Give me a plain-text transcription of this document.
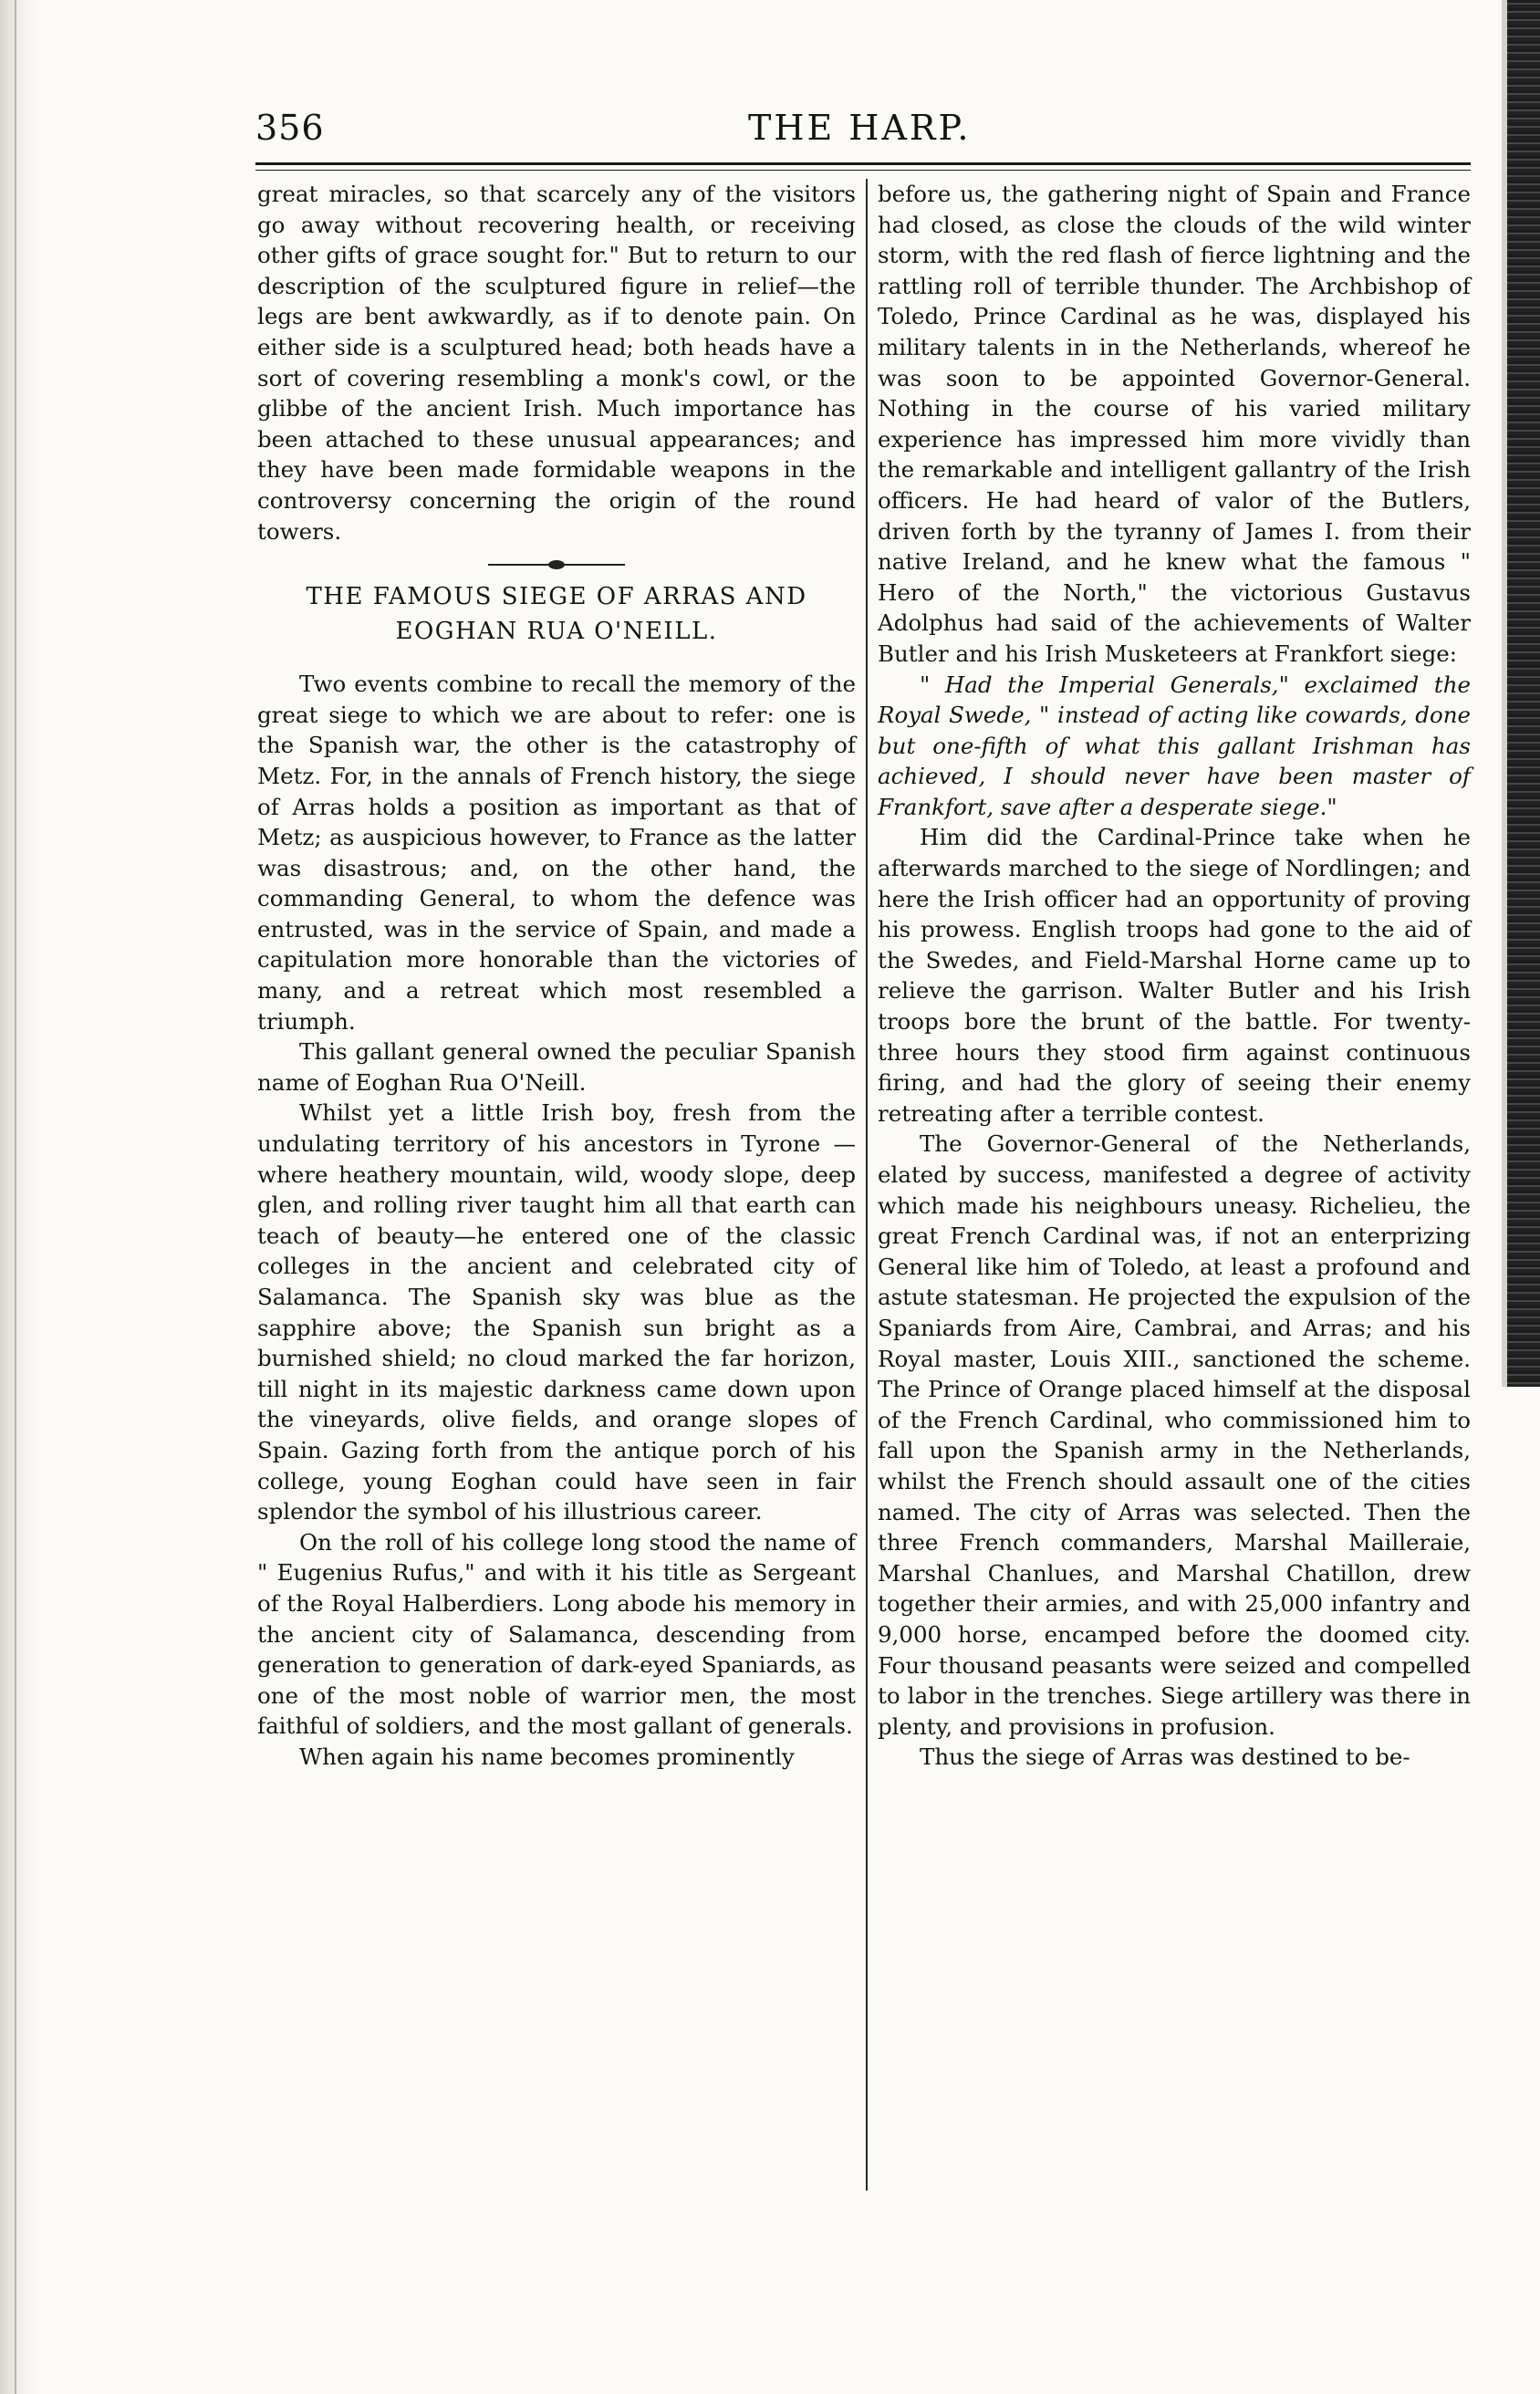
356	THE HARP.

great miracles, so that scarcely any of the visitors go away without recovering health, or receiving other gifts of grace sought for." But to return to our description of the sculptured figure in relief—the legs are bent awkwardly, as if to denote pain. On either side is a sculptured head; both heads have a sort of covering resembling a monk's cowl, or the glibbe of the ancient Irish. Much importance has been attached to these unusual appearances; and they have been made formidable weapons in the controversy concerning the origin of the round towers.

THE FAMOUS SIEGE OF ARRAS AND EOGHAN RUA O'NEILL.

Two events combine to recall the memory of the great siege to which we are about to refer: one is the Spanish war, the other is the catastrophy of Metz. For, in the annals of French history, the siege of Arras holds a position as important as that of Metz; as auspicious however, to France as the latter was disastrous; and, on the other hand, the commanding General, to whom the defence was entrusted, was in the service of Spain, and made a capitulation more honorable than the victories of many, and a retreat which most resembled a triumph.

This gallant general owned the peculiar Spanish name of Eoghan Rua O'Neill.

Whilst yet a little Irish boy, fresh from the undulating territory of his ancestors in Tyrone —where heathery mountain, wild, woody slope, deep glen, and rolling river taught him all that earth can teach of beauty—he entered one of the classic colleges in the ancient and celebrated city of Salamanca. The Spanish sky was blue as the sapphire above; the Spanish sun bright as a burnished shield; no cloud marked the far horizon, till night in its majestic darkness came down upon the vineyards, olive fields, and orange slopes of Spain. Gazing forth from the antique porch of his college, young Eoghan could have seen in fair splendor the symbol of his illustrious career.

On the roll of his college long stood the name of " Eugenius Rufus," and with it his title as Sergeant of the Royal Halberdiers. Long abode his memory in the ancient city of Salamanca, descending from generation to generation of dark-eyed Spaniards, as one of the most noble of warrior men, the most faithful of soldiers, and the most gallant of generals.

When again his name becomes prominently

before us, the gathering night of Spain and France had closed, as close the clouds of the wild winter storm, with the red flash of fierce lightning and the rattling roll of terrible thunder. The Archbishop of Toledo, Prince Cardinal as he was, displayed his military talents in in the Netherlands, whereof he was soon to be appointed Governor-General. Nothing in the course of his varied military experience has impressed him more vividly than the remarkable and intelligent gallantry of the Irish officers. He had heard of valor of the Butlers, driven forth by the tyranny of James I. from their native Ireland, and he knew what the famous " Hero of the North," the victorious Gustavus Adolphus had said of the achievements of Walter Butler and his Irish Musketeers at Frankfort siege:

" Had the Imperial Generals," exclaimed the Royal Swede, " instead of acting like cowards, done but one-fifth of what this gallant Irishman has achieved, I should never have been master of Frankfort, save after a desperate siege."

Him did the Cardinal-Prince take when he afterwards marched to the siege of Nordlingen; and here the Irish officer had an opportunity of proving his prowess. English troops had gone to the aid of the Swedes, and Field-Marshal Horne came up to relieve the garrison. Walter Butler and his Irish troops bore the brunt of the battle. For twenty-three hours they stood firm against continuous firing, and had the glory of seeing their enemy retreating after a terrible contest.

The Governor-General of the Netherlands, elated by success, manifested a degree of activity which made his neighbours uneasy. Richelieu, the great French Cardinal was, if not an enterprizing General like him of Toledo, at least a profound and astute statesman. He projected the expulsion of the Spaniards from Aire, Cambrai, and Arras; and his Royal master, Louis XIII., sanctioned the scheme. The Prince of Orange placed himself at the disposal of the French Cardinal, who commissioned him to fall upon the Spanish army in the Netherlands, whilst the French should assault one of the cities named. The city of Arras was selected. Then the three French commanders, Marshal Mailleraie, Marshal Chanlues, and Marshal Chatillon, drew together their armies, and with 25,000 infantry and 9,000 horse, encamped before the doomed city. Four thousand peasants were seized and compelled to labor in the trenches. Siege artillery was there in plenty, and provisions in profusion.

Thus the siege of Arras was destined to be-
